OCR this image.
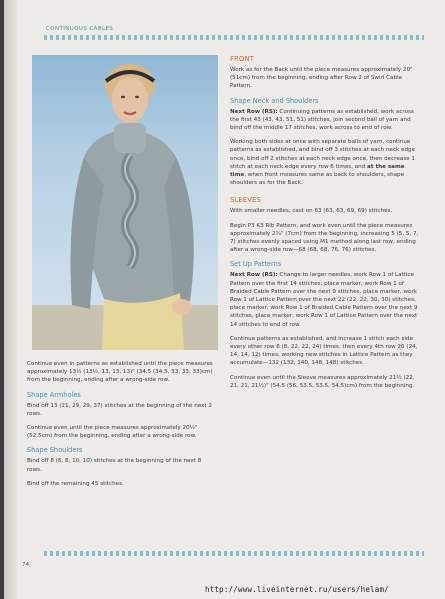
CONTINUOUS CABLES

Continue even in patterns as established until the piece measures approximately 13½ (13½, 13, 13, 13)" (34.5 (34.5, 33, 33, 33)cm) from the beginning, ending after a wrong-side row.

Shape Armholes

Bind off 13 (21, 29, 29, 37) stitches at the beginning of the next 2 rows.

Continue even until the piece measures approximately 20½" (52.5cm) from the beginning, ending after a wrong-side row.

Shape Shoulders

Bind off 8 (8, 8, 10, 10) stitches at the beginning of the next 8 rows.

Bind off the remaining 45 stitches.

FRONT

Work as for the Back until the piece measures approximately 20" (51cm) from the beginning, ending after Row 2 of Swirl Cable Pattern.

Shape Neck and Shoulders

Next Row (RS): Continuing patterns as established, work across the first 43 (43, 43, 51, 51) stitches, join second ball of yarn and bind off the middle 17 stitches, work across to end of row.

Working both sides at once with separate balls of yarn, continue patterns as established, and bind off 3 stitches at each neck edge once, bind off 2 stitches at each neck edge once, then decrease 1 stitch at each neck edge every row 6 times, and at the same time, when front measures same as back to shoulders, shape shoulders as for the Back.

SLEEVES

With smaller needles, cast on 63 (63, 63, 69, 69) stitches.

Begin P3 K3 Rib Pattern, and work even until the piece measures approximately 2¾" (7cm) from the beginning, increasing 5 (5, 5, 7, 7) stitches evenly spaced using M1 method along last row, ending after a wrong-side row—68 (68, 68, 76, 76) stitches.

Set Up Patterns

Next Row (RS): Change to larger needles, work Row 1 of Lattice Pattern over the first 14 stitches, place marker, work Row 1 of Braided Cable Pattern over the next 9 stitches, place marker, work Row 1 of Lattice Pattern over the next 22 (22, 22, 30, 30) stitches, place marker, work Row 1 of Braided Cable Pattern over the next 9 stitches, place marker, work Row 1 of Lattice Pattern over the next 14 stitches to end of row.

Continue patterns as established, and increase 1 stitch each side every other row 6 (8, 22, 22, 24) times, then every 4th row 26 (24, 14, 14, 12) times, working new stitches in Lattice Pattern as they accumulate—132 (132, 140, 148, 148) stitches.

Continue even until the Sleeve measures approximately 21½ (22, 21, 21, 21½)" (54.5 (56, 53.5, 53.5, 54.5)cm) from the beginning.

74
http://www.liveinternet.ru/users/helam/
